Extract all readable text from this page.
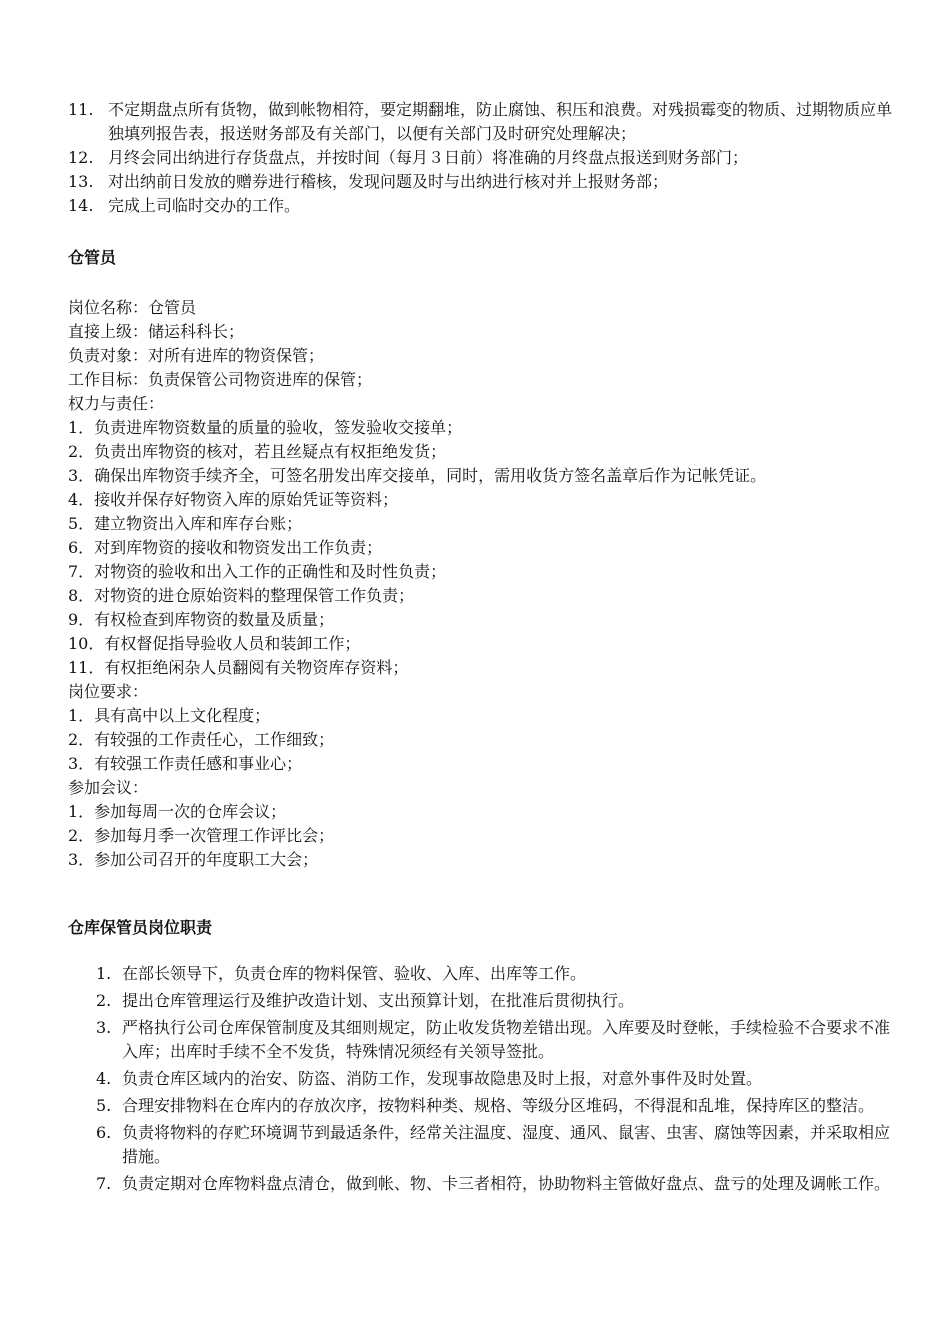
11. 不定期盘点所有货物，做到帐物相符，要定期翻堆，防止腐蚀、积压和浪费。对残损霉变的物质、过期物质应单独填列报告表，报送财务部及有关部门，以便有关部门及时研究处理解决；
12. 月终会同出纳进行存货盘点，并按时间（每月３日前）将准确的月终盘点报送到财务部门；
13. 对出纳前日发放的赠券进行稽核，发现问题及时与出纳进行核对并上报财务部；
14. 完成上司临时交办的工作。
仓管员
岗位名称：仓管员
直接上级：储运科科长；
负责对象：对所有进库的物资保管；
工作目标：负责保管公司物资进库的保管；
权力与责任：
1．负责进库物资数量的质量的验收，签发验收交接单；
2．负责出库物资的核对，若且丝疑点有权拒绝发货；
3．确保出库物资手续齐全，可签名册发出库交接单，同时，需用收货方签名盖章后作为记帐凭证。
4．接收并保存好物资入库的原始凭证等资料；
5．建立物资出入库和库存台账；
6．对到库物资的接收和物资发出工作负责；
7．对物资的验收和出入工作的正确性和及时性负责；
8．对物资的进仓原始资料的整理保管工作负责；
9．有权检查到库物资的数量及质量；
10．有权督促指导验收人员和装卸工作；
11．有权拒绝闲杂人员翻阅有关物资库存资料；
岗位要求：
1．具有高中以上文化程度；
2．有较强的工作责任心，工作细致；
3．有较强工作责任感和事业心；
参加会议：
1．参加每周一次的仓库会议；
2．参加每月季一次管理工作评比会；
3．参加公司召开的年度职工大会；
仓库保管员岗位职责
1. 在部长领导下，负责仓库的物料保管、验收、入库、出库等工作。
2. 提出仓库管理运行及维护改造计划、支出预算计划，在批准后贯彻执行。
3. 严格执行公司仓库保管制度及其细则规定，防止收发货物差错出现。入库要及时登帐，手续检验不合要求不准入库；出库时手续不全不发货，特殊情况须经有关领导签批。
4. 负责仓库区域内的治安、防盗、消防工作，发现事故隐患及时上报，对意外事件及时处置。
5. 合理安排物料在仓库内的存放次序，按物料种类、规格、等级分区堆码，不得混和乱堆，保持库区的整洁。
6. 负责将物料的存贮环境调节到最适条件，经常关注温度、湿度、通风、鼠害、虫害、腐蚀等因素，并采取相应措施。
7. 负责定期对仓库物料盘点清仓，做到帐、物、卡三者相符，协助物料主管做好盘点、盘亏的处理及调帐工作。
